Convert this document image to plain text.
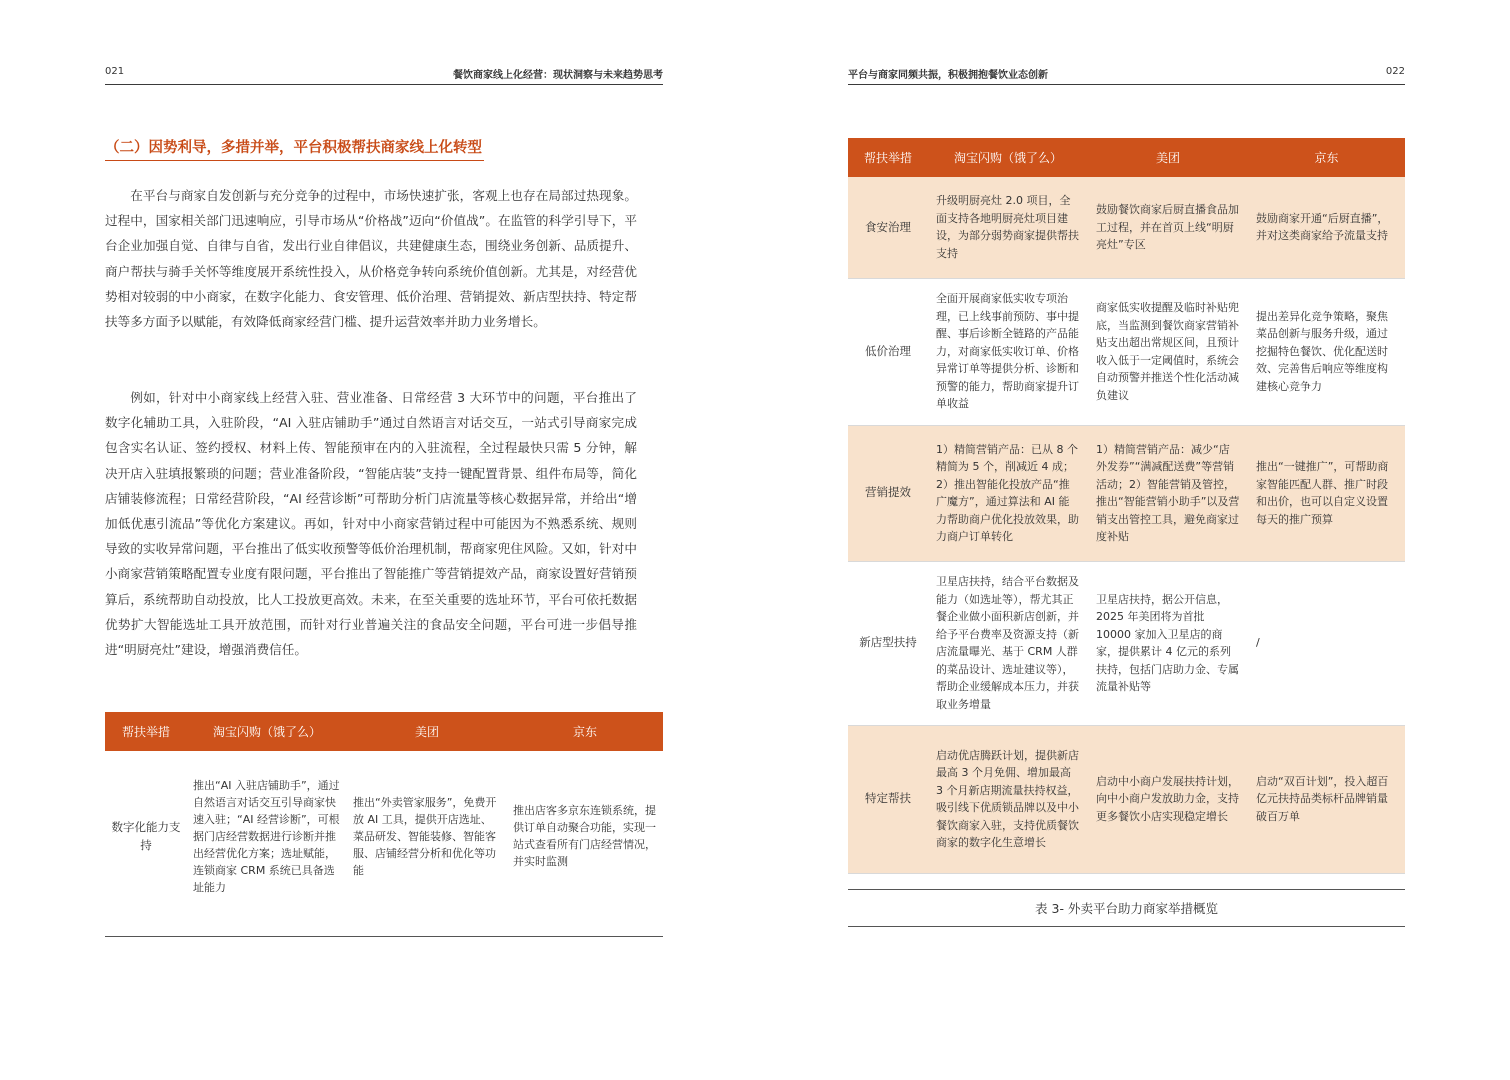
021	餐饮商家线上化经营：现状洞察与未来趋势思考
（二）因势利导，多措并举，平台积极帮扶商家线上化转型

在平台与商家自发创新与充分竞争的过程中，市场快速扩张，客观上也存在局部过热现象。过程中，国家相关部门迅速响应，引导市场从“价格战”迈向“价值战”。在监管的科学引导下，平台企业加强自觉、自律与自省，发出行业自律倡议，共建健康生态，围绕业务创新、品质提升、商户帮扶与骑手关怀等维度展开系统性投入，从价格竞争转向系统价值创新。尤其是，对经营优势相对较弱的中小商家，在数字化能力、食安管理、低价治理、营销提效、新店型扶持、特定帮扶等多方面予以赋能，有效降低商家经营门槛、提升运营效率并助力业务增长。

例如，针对中小商家线上经营入驻、营业准备、日常经营 3 大环节中的问题，平台推出了数字化辅助工具，入驻阶段，“AI 入驻店铺助手”通过自然语言对话交互，一站式引导商家完成包含实名认证、签约授权、材料上传、智能预审在内的入驻流程，全过程最快只需 5 分钟，解决开店入驻填报繁琐的问题；营业准备阶段，“智能店装”支持一键配置背景、组件布局等，简化店铺装修流程；日常经营阶段，“AI 经营诊断”可帮助分析门店流量等核心数据异常，并给出“增加低优惠引流品”等优化方案建议。再如，针对中小商家营销过程中可能因为不熟悉系统、规则导致的实收异常问题，平台推出了低实收预警等低价治理机制，帮商家兜住风险。又如，针对中小商家营销策略配置专业度有限问题，平台推出了智能推广等营销提效产品，商家设置好营销预算后，系统帮助自动投放，比人工投放更高效。未来，在至关重要的选址环节，平台可依托数据优势扩大智能选址工具开放范围，而针对行业普遍关注的食品安全问题，平台可进一步倡导推进“明厨亮灶”建设，增强消费信任。

帮扶举措	淘宝闪购（饿了么）	美团	京东
数字化能力支持	推出“AI 入驻店铺助手”，通过自然语言对话交互引导商家快速入驻；“AI 经营诊断”，可根据门店经营数据进行诊断并推出经营优化方案；选址赋能，连锁商家 CRM 系统已具备选址能力	推出“外卖管家服务”，免费开放 AI 工具，提供开店选址、菜品研发、智能装修、智能客服、店铺经营分析和优化等功能	推出店客多京东连锁系统，提供订单自动聚合功能，实现一站式查看所有门店经营情况，并实时监测
平台与商家同频共振，积极拥抱餐饮业态创新	022
帮扶举措	淘宝闪购（饿了么）	美团	京东
食安治理	升级明厨亮灶 2.0 项目，全面支持各地明厨亮灶项目建设，为部分弱势商家提供帮扶支持	鼓励餐饮商家后厨直播食品加工过程，并在首页上线“明厨亮灶”专区	鼓励商家开通“后厨直播”，并对这类商家给予流量支持
低价治理	全面开展商家低实收专项治理，已上线事前预防、事中提醒、事后诊断全链路的产品能力，对商家低实收订单、价格异常订单等提供分析、诊断和预警的能力，帮助商家提升订单收益	商家低实收提醒及临时补贴兜底，当监测到餐饮商家营销补贴支出超出常规区间，且预计收入低于一定阈值时，系统会自动预警并推送个性化活动减负建议	提出差异化竞争策略，聚焦菜品创新与服务升级，通过挖掘特色餐饮、优化配送时效、完善售后响应等维度构建核心竞争力
营销提效	1）精简营销产品：已从 8 个精简为 5 个，削减近 4 成；2）推出智能化投放产品“推广魔方”，通过算法和 AI 能力帮助商户优化投放效果，助力商户订单转化	1）精简营销产品：减少“店外发券”“满减配送费”等营销活动；2）智能营销及管控，推出“智能营销小助手”以及营销支出管控工具，避免商家过度补贴	推出“一键推广”，可帮助商家智能匹配人群、推广时段和出价，也可以自定义设置每天的推广预算
新店型扶持	卫星店扶持，结合平台数据及能力（如选址等），帮尤其正餐企业做小面积新店创新，并给予平台费率及资源支持（新店流量曝光、基于 CRM 人群的菜品设计、选址建议等），帮助企业缓解成本压力，并获取业务增量	卫星店扶持，据公开信息，2025 年美团将为首批 10000 家加入卫星店的商家，提供累计 4 亿元的系列扶持，包括门店助力金、专属流量补贴等	/
特定帮扶	启动优店腾跃计划，提供新店最高 3 个月免佣、增加最高 3 个月新店期流量扶持权益，吸引线下优质锁品牌以及中小餐饮商家入驻，支持优质餐饮商家的数字化生意增长	启动中小商户发展扶持计划，向中小商户发放助力金，支持更多餐饮小店实现稳定增长	启动“双百计划”，投入超百亿元扶持品类标杆品牌销量破百万单
表 3- 外卖平台助力商家举措概览
